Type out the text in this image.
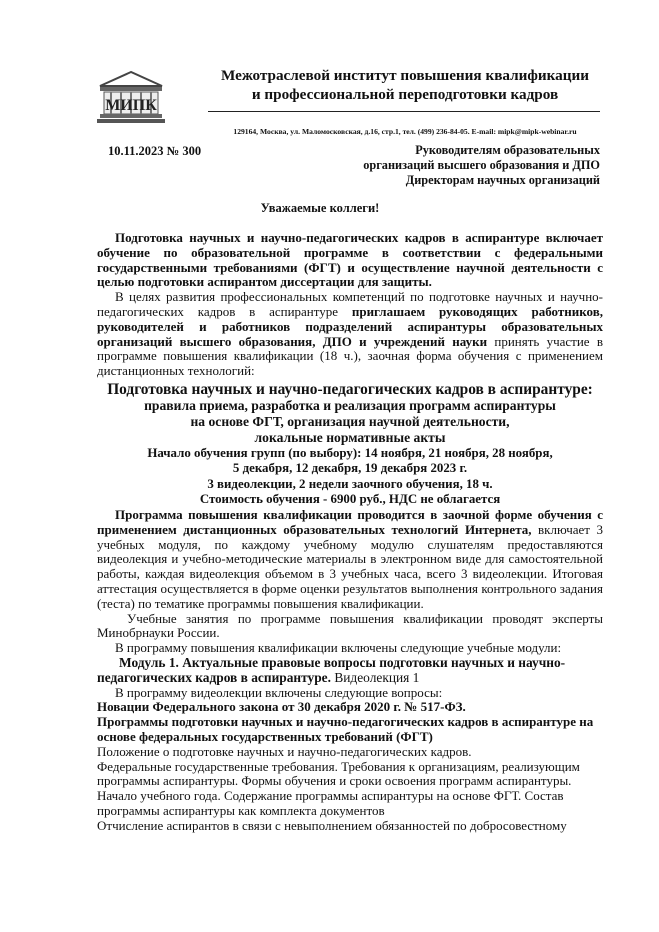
МИПК
Межотраслевой институт повышения квалификации
и профессиональной переподготовки кадров
129164, Москва, ул. Маломосковская, д.16, стр.1, тел. (499) 236-84-05. E-mail: mipk@mipk-webinar.ru
10.11.2023 № 300	Руководителям образовательных
организаций высшего образования и ДПО
Директорам научных организаций
Уважаемые коллеги!

Подготовка научных и научно-педагогических кадров в аспирантуре включает обучение по образовательной программе в соответствии с федеральными государственными требованиями (ФГТ) и осуществление научной деятельности с целью подготовки аспирантом диссертации для защиты.

В целях развития профессиональных компетенций по подготовке научных и научно-педагогических кадров в аспирантуре приглашаем руководящих работников, руководителей и работников подразделений аспирантуры образовательных организаций высшего образования, ДПО и учреждений науки принять участие в программе повышения квалификации (18 ч.), заочная форма обучения с применением дистанционных технологий:

Подготовка научных и научно-педагогических кадров в аспирантуре:

правила приема, разработка и реализация программ аспирантуры

на основе ФГТ, организация научной деятельности,

локальные нормативные акты

Начало обучения групп (по выбору): 14 ноября, 21 ноября, 28 ноября,

5 декабря, 12 декабря, 19 декабря 2023 г.

3 видеолекции, 2 недели заочного обучения, 18 ч.

Стоимость обучения - 6900 руб., НДС не облагается

Программа повышения квалификации проводится в заочной форме обучения с применением дистанционных образовательных технологий Интернета, включает 3 учебных модуля, по каждому учебному модулю слушателям предоставляются видеолекция и учебно-методические материалы в электронном виде для самостоятельной работы, каждая видеолекция объемом в 3 учебных часа, всего 3 видеолекции. Итоговая аттестация осуществляется в форме оценки результатов выполнения контрольного задания (теста) по тематике программы повышения квалификации.

Учебные занятия по программе повышения квалификации проводят эксперты Минобрнауки России.

В программу повышения квалификации включены следующие учебные модули:

Модуль 1. Актуальные правовые вопросы подготовки научных и научно-педагогических кадров в аспирантуре. Видеолекция 1

В программу видеолекции включены следующие вопросы:

Новации Федерального закона от 30 декабря 2020 г. № 517-ФЗ.

Программы подготовки научных и научно-педагогических кадров в аспирантуре на основе федеральных государственных требований (ФГТ)

Положение о подготовке научных и научно-педагогических кадров.

Федеральные государственные требования. Требования к организациям, реализующим программы аспирантуры. Формы обучения и сроки освоения программ аспирантуры.

Начало учебного года. Содержание программы аспирантуры на основе ФГТ. Состав программы аспирантуры как комплекта документов

Отчисление аспирантов в связи с невыполнением обязанностей по добросовестному
